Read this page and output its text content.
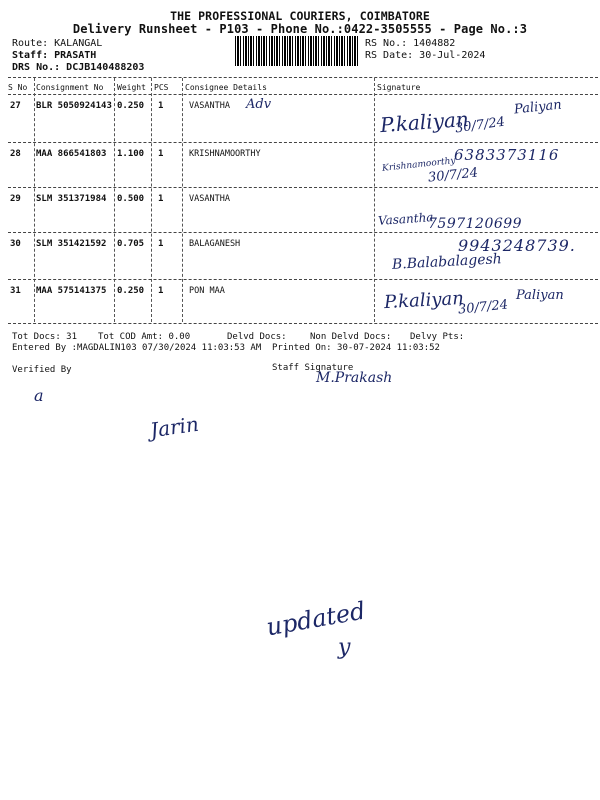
THE PROFESSIONAL COURIERS, COIMBATORE
Delivery Runsheet - P103 - Phone No.:0422-3505555 - Page No.:3
Route: KALANGAL
Staff: PRASATH
DRS No.: DCJB140488203
RS No.: 1404882
RS Date: 30-Jul-2024
S No Consignment No Weight PCS Consignee Details	Signature
27 BLR 5050924143 0.250 1	VASANTHA Adv
P.kaliyan
30/7/24
Paliyan
28 MAA 866541803 1.100 1	KRISHNAMOORTHY	6383373116
Krishnamoorthy
30/7/24
29 SLM 351371984 0.500 1	VASANTHA
Vasantha
7597120699
30 SLM 351421592 0.705 1	BALAGANESH	9943248739.
B.Balabalagesh
31 MAA 575141375 0.250 1	PON MAA	P.kaliyan
30/7/24
Paliyan
Tot Docs: 31 Tot COD Amt: 0.00	Delvd Docs:	Non Delvd Docs: Delvy Pts:
Entered By :MAGDALIN103 07/30/2024 11:03:53 AM Printed On: 30-07-2024 11:03:52
Verified By	Staff Signature
M.Prakash
a
Jarin
updated
y
